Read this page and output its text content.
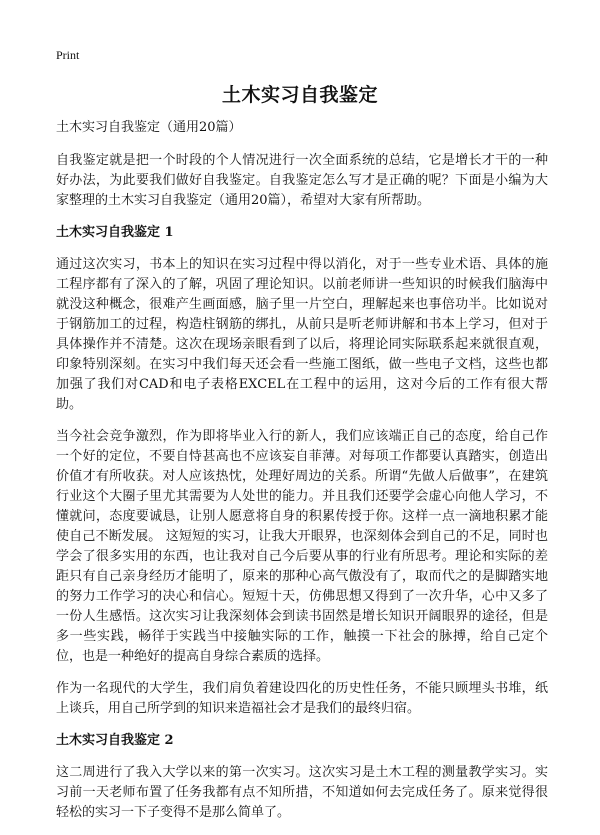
Print
土木实习自我鉴定

土木实习自我鉴定（通用20篇）

自我鉴定就是把一个时段的个人情况进行一次全面系统的总结，它是增长才干的一种好办法，为此要我们做好自我鉴定。自我鉴定怎么写才是正确的呢？下面是小编为大家整理的土木实习自我鉴定（通用20篇），希望对大家有所帮助。

土木实习自我鉴定 1

通过这次实习，书本上的知识在实习过程中得以消化，对于一些专业术语、具体的施工程序都有了深入的了解，巩固了理论知识。以前老师讲一些知识的时候我们脑海中就没这种概念，很难产生画面感，脑子里一片空白，理解起来也事倍功半。比如说对于钢筋加工的过程，构造柱钢筋的绑扎，从前只是听老师讲解和书本上学习，但对于具体操作并不清楚。这次在现场亲眼看到了以后，将理论同实际联系起来就很直观，印象特别深刻。在实习中我们每天还会看一些施工图纸，做一些电子文档，这些也都加强了我们对CAD和电子表格EXCEL在工程中的运用，这对今后的工作有很大帮助。

当今社会竞争激烈，作为即将毕业入行的新人，我们应该端正自己的态度，给自己作一个好的定位，不要自恃甚高也不应该妄自菲薄。对每项工作都要认真踏实，创造出价值才有所收获。对人应该热忱，处理好周边的关系。所谓“先做人后做事”，在建筑行业这个大圈子里尤其需要为人处世的能力。并且我们还要学会虚心向他人学习，不懂就问，态度要诚恳，让别人愿意将自身的积累传授于你。这样一点一滴地积累才能使自己不断发展。 这短短的实习，让我大开眼界，也深刻体会到自己的不足，同时也学会了很多实用的东西，也让我对自己今后要从事的行业有所思考。理论和实际的差距只有自己亲身经历才能明了，原来的那种心高气傲没有了，取而代之的是脚踏实地的努力工作学习的决心和信心。短短十天，仿佛思想又得到了一次升华，心中又多了一份人生感悟。这次实习让我深刻体会到读书固然是增长知识开阔眼界的途径，但是多一些实践，畅徉于实践当中接触实际的工作，触摸一下社会的脉搏，给自己定个位，也是一种绝好的提高自身综合素质的选择。

作为一名现代的大学生，我们肩负着建设四化的历史性任务，不能只顾埋头书堆，纸上谈兵，用自己所学到的知识来造福社会才是我们的最终归宿。

土木实习自我鉴定 2

这二周进行了我入大学以来的第一次实习。这次实习是土木工程的测量教学实习。实习前一天老师布置了任务我都有点不知所措，不知道如何去完成任务了。原来觉得很轻松的实习一下子变得不是那么简单了。
